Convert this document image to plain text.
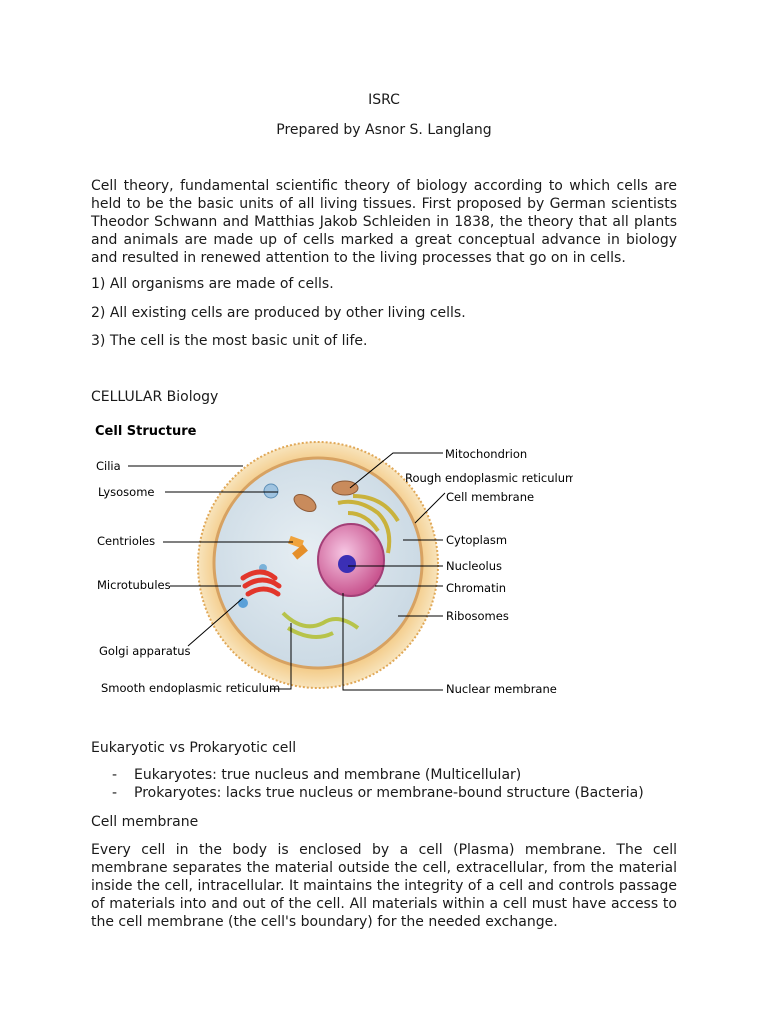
ISRC
Prepared by Asnor S. Langlang
Cell theory, fundamental scientific theory of biology according to which cells are held to be the basic units of all living tissues. First proposed by German scientists Theodor Schwann and Matthias Jakob Schleiden in 1838, the theory that all plants and animals are made up of cells marked a great conceptual advance in biology and resulted in renewed attention to the living processes that go on in cells.
1) All organisms are made of cells.
2) All existing cells are produced by other living cells.
3) The cell is the most basic unit of life.
CELLULAR Biology
Cell Structure
Cilia
Lysosome
Centrioles
Microtubules
Golgi apparatus
Smooth endoplasmic reticulum
Mitochondrion
Rough endoplasmic reticulum
Cell membrane
Cytoplasm
Nucleolus
Chromatin
Ribosomes
Nuclear membrane
Eukaryotic vs Prokaryotic cell
- Eukaryotes: true nucleus and membrane (Multicellular)
- Prokaryotes: lacks true nucleus or membrane-bound structure (Bacteria)
Cell membrane
Every cell in the body is enclosed by a cell (Plasma) membrane. The cell membrane separates the material outside the cell, extracellular, from the material inside the cell, intracellular. It maintains the integrity of a cell and controls passage of materials into and out of the cell. All materials within a cell must have access to the cell membrane (the cell's boundary) for the needed exchange.
